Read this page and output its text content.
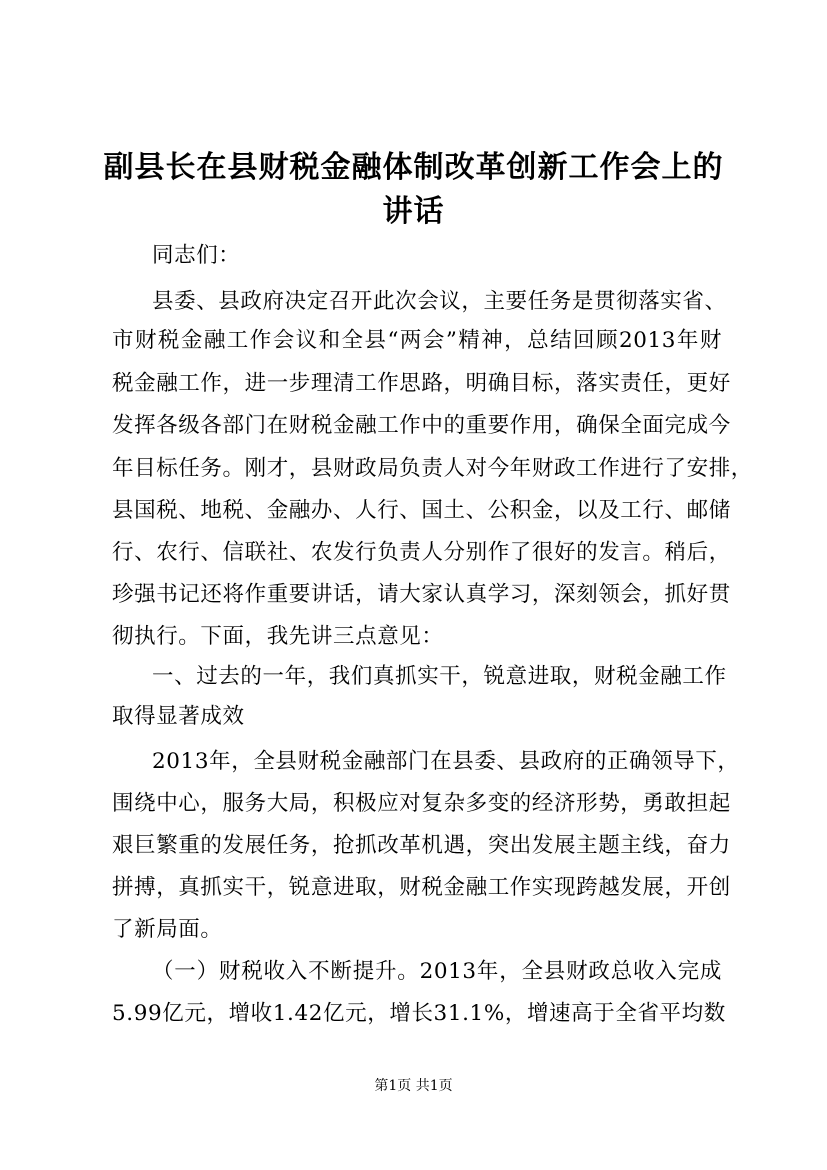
副县长在县财税金融体制改革创新工作会上的
讲话
同志们：
县委、县政府决定召开此次会议，主要任务是贯彻落实省、
市财税金融工作会议和全县“两会”精神，总结回顾2013年财
税金融工作，进一步理清工作思路，明确目标，落实责任，更好
发挥各级各部门在财税金融工作中的重要作用，确保全面完成今
年目标任务。刚才，县财政局负责人对今年财政工作进行了安排，
县国税、地税、金融办、人行、国土、公积金，以及工行、邮储
行、农行、信联社、农发行负责人分别作了很好的发言。稍后，
珍强书记还将作重要讲话，请大家认真学习，深刻领会，抓好贯
彻执行。下面，我先讲三点意见：
一、过去的一年，我们真抓实干，锐意进取，财税金融工作
取得显著成效
2013年，全县财税金融部门在县委、县政府的正确领导下，
围绕中心，服务大局，积极应对复杂多变的经济形势，勇敢担起
艰巨繁重的发展任务，抢抓改革机遇，突出发展主题主线，奋力
拼搏，真抓实干，锐意进取，财税金融工作实现跨越发展，开创
了新局面。
（一）财税收入不断提升。2013年，全县财政总收入完成
5.99亿元，增收1.42亿元，增长31.1%，增速高于全省平均数
第1页 共1页
